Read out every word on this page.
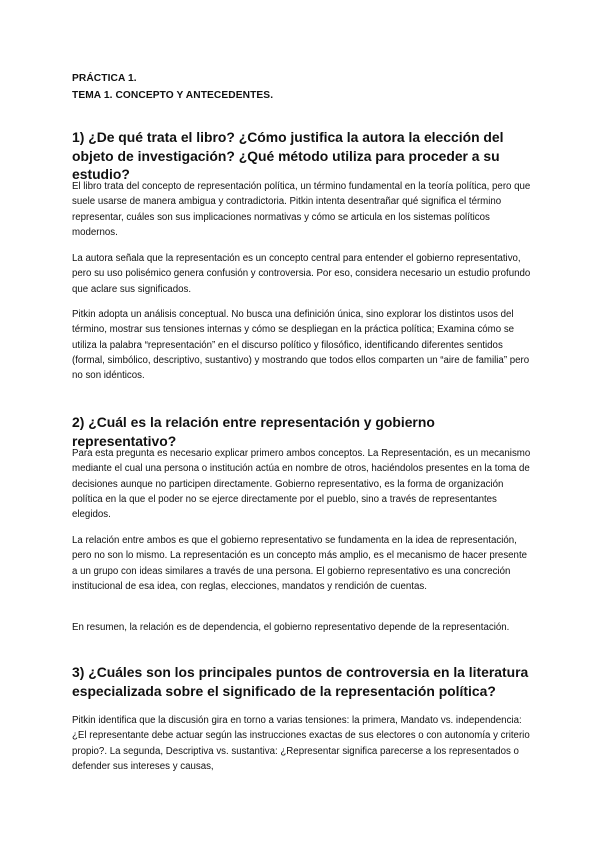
PRÁCTICA 1.
TEMA 1. CONCEPTO Y ANTECEDENTES.
1) ¿De qué trata el libro? ¿Cómo justifica la autora la elección del objeto de investigación? ¿Qué método utiliza para proceder a su estudio?
El libro trata del concepto de representación política, un término fundamental en la teoría política, pero que suele usarse de manera ambigua y contradictoria. Pitkin intenta desentrañar qué significa el término representar, cuáles son sus implicaciones normativas y cómo se articula en los sistemas políticos modernos.
La autora señala que la representación es un concepto central para entender el gobierno representativo, pero su uso polisémico genera confusión y controversia. Por eso, considera necesario un estudio profundo que aclare sus significados.
Pitkin adopta un análisis conceptual. No busca una definición única, sino explorar los distintos usos del término, mostrar sus tensiones internas y cómo se despliegan en la práctica política; Examina cómo se utiliza la palabra “representación” en el discurso político y filosófico, identificando diferentes sentidos (formal, simbólico, descriptivo, sustantivo) y mostrando que todos ellos comparten un “aire de familia” pero no son idénticos.
2) ¿Cuál es la relación entre representación y gobierno representativo?
Para esta pregunta es necesario explicar primero ambos conceptos. La Representación, es un mecanismo mediante el cual una persona o institución actúa en nombre de otros, haciéndolos presentes en la toma de decisiones aunque no participen directamente. Gobierno representativo, es la forma de organización política en la que el poder no se ejerce directamente por el pueblo, sino a través de representantes elegidos.
La relación entre ambos es que el gobierno representativo se fundamenta en la idea de representación, pero no son lo mismo. La representación es un concepto más amplio, es el mecanismo de hacer presente a un grupo con ideas similares a través de una persona. El gobierno representativo es una concreción institucional de esa idea, con reglas, elecciones, mandatos y rendición de cuentas.
En resumen, la relación es de dependencia, el gobierno representativo depende de la representación.
3) ¿Cuáles son los principales puntos de controversia en la literatura especializada sobre el significado de la representación política?
Pitkin identifica que la discusión gira en torno a varias tensiones: la primera, Mandato vs. independencia: ¿El representante debe actuar según las instrucciones exactas de sus electores o con autonomía y criterio propio?. La segunda, Descriptiva vs. sustantiva: ¿Representar significa parecerse a los representados o defender sus intereses y causas,
